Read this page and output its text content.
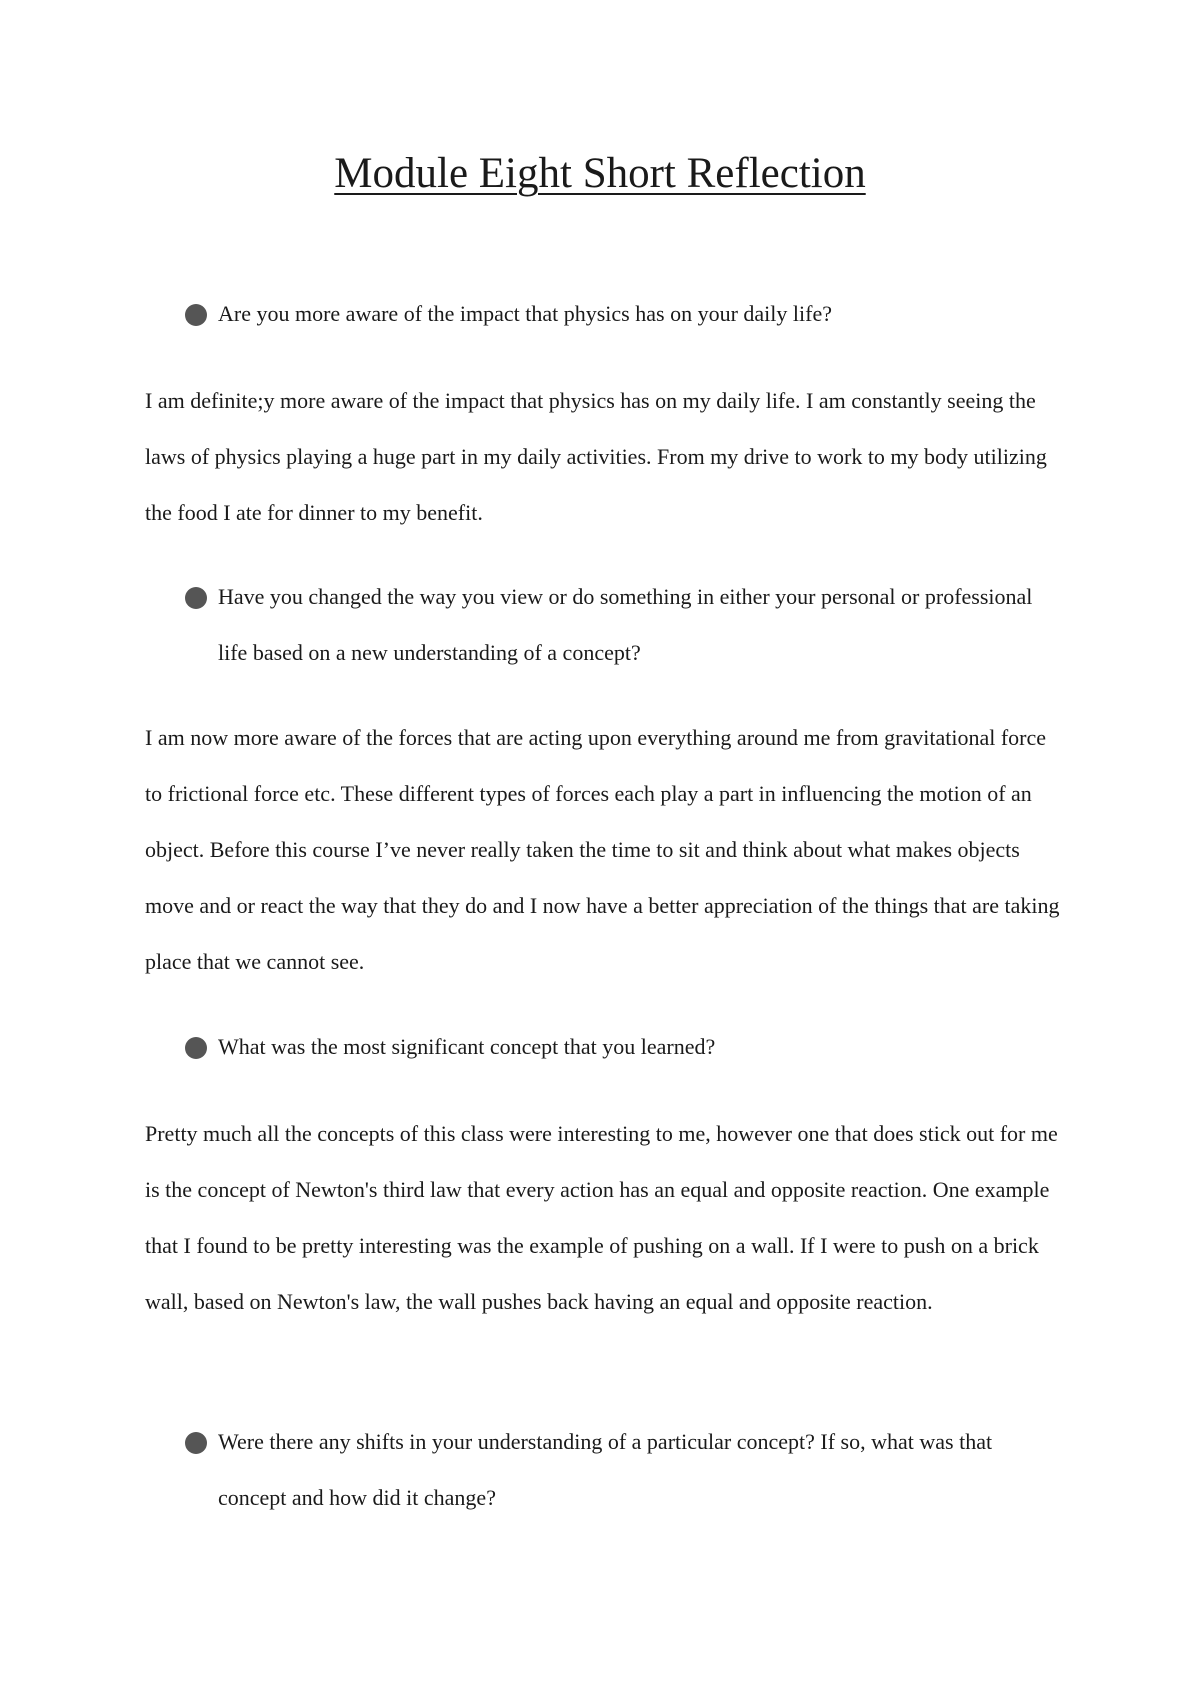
Module Eight Short Reflection
Are you more aware of the impact that physics has on your daily life?
I am definite;y more aware of the impact that physics has on my daily life. I am constantly seeing the laws of physics playing a huge part in my daily activities. From my drive to work to my body utilizing the food I ate for dinner to my benefit.
Have you changed the way you view or do something in either your personal or professional life based on a new understanding of a concept?
I am now more aware of the forces that are acting upon everything around me from gravitational force to frictional force etc. These different types of forces each play a part in influencing the motion of an object. Before this course I’ve never really taken the time to sit and think about what makes objects move and or react the way that they do and I now have a better appreciation of the things that are taking place that we cannot see.
What was the most significant concept that you learned?
Pretty much all the concepts of this class were interesting to me, however one that does stick out for me is the concept of Newton's third law that every action has an equal and opposite reaction. One example that I found to be pretty interesting was the example of pushing on a wall. If I were to push on a brick wall, based on Newton's law, the wall pushes back having an equal and opposite reaction.
Were there any shifts in your understanding of a particular concept? If so, what was that concept and how did it change?
